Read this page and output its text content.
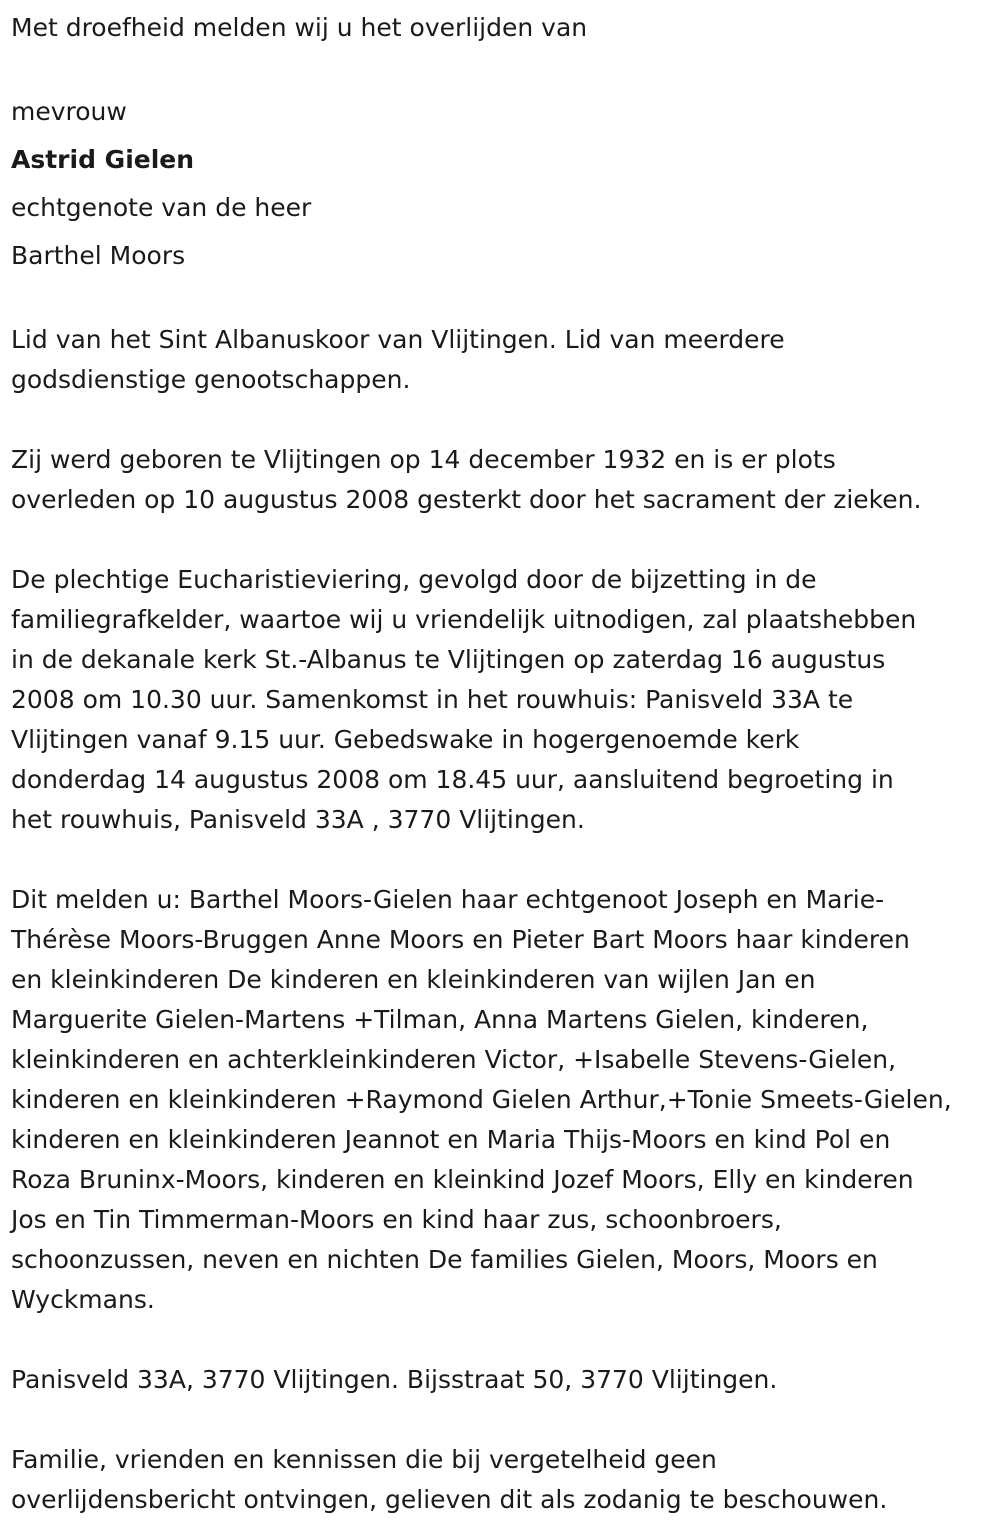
Met droefheid melden wij u het overlijden van
mevrouw
Astrid Gielen
echtgenote van de heer
Barthel Moors
Lid van het Sint Albanuskoor van Vlijtingen. Lid van meerdere
godsdienstige genootschappen.
Zij werd geboren te Vlijtingen op 14 december 1932 en is er plots
overleden op 10 augustus 2008 gesterkt door het sacrament der zieken.
De plechtige Eucharistieviering, gevolgd door de bijzetting in de
familiegrafkelder, waartoe wij u vriendelijk uitnodigen, zal plaatshebben
in de dekanale kerk St.-Albanus te Vlijtingen op zaterdag 16 augustus
2008 om 10.30 uur. Samenkomst in het rouwhuis: Panisveld 33A te
Vlijtingen vanaf 9.15 uur. Gebedswake in hogergenoemde kerk
donderdag 14 augustus 2008 om 18.45 uur, aansluitend begroeting in
het rouwhuis, Panisveld 33A , 3770 Vlijtingen.
Dit melden u: Barthel Moors-Gielen haar echtgenoot Joseph en Marie-
Thérèse Moors-Bruggen Anne Moors en Pieter Bart Moors haar kinderen
en kleinkinderen De kinderen en kleinkinderen van wijlen Jan en
Marguerite Gielen-Martens +Tilman, Anna Martens Gielen, kinderen,
kleinkinderen en achterkleinkinderen Victor, +Isabelle Stevens-Gielen,
kinderen en kleinkinderen +Raymond Gielen Arthur,+Tonie Smeets-Gielen,
kinderen en kleinkinderen Jeannot en Maria Thijs-Moors en kind Pol en
Roza Bruninx-Moors, kinderen en kleinkind Jozef Moors, Elly en kinderen
Jos en Tin Timmerman-Moors en kind haar zus, schoonbroers,
schoonzussen, neven en nichten De families Gielen, Moors, Moors en
Wyckmans.
Panisveld 33A, 3770 Vlijtingen. Bijsstraat 50, 3770 Vlijtingen.
Familie, vrienden en kennissen die bij vergetelheid geen
overlijdensbericht ontvingen, gelieven dit als zodanig te beschouwen.
